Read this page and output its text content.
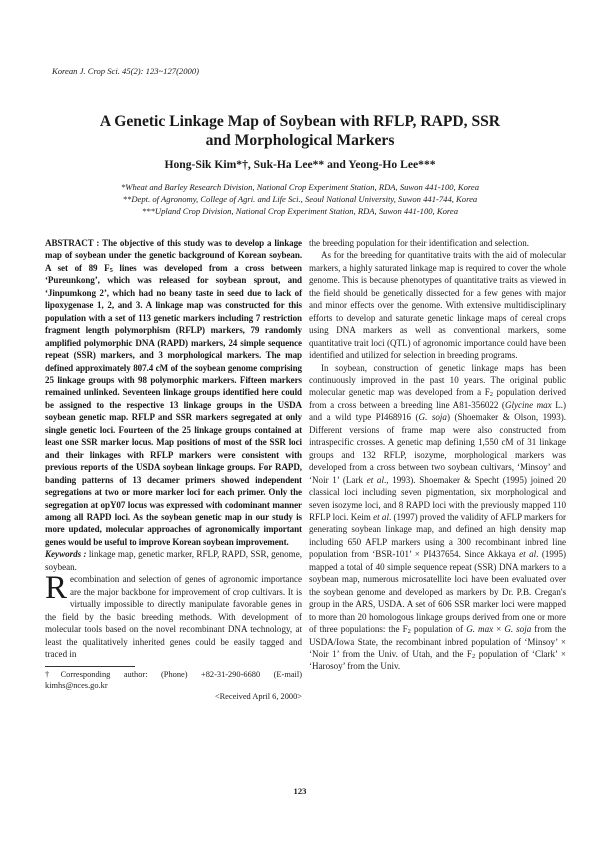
Korean J. Crop Sci. 45(2): 123~127(2000)
A Genetic Linkage Map of Soybean with RFLP, RAPD, SSR
and Morphological Markers
Hong-Sik Kim*†, Suk-Ha Lee** and Yeong-Ho Lee***
*Wheat and Barley Research Division, National Crop Experiment Station, RDA, Suwon 441-100, Korea
**Dept. of Agronomy, College of Agri. and Life Sci., Seoul National University, Suwon 441-744, Korea
***Upland Crop Division, National Crop Experiment Station, RDA, Suwon 441-100, Korea

ABSTRACT : The objective of this study was to develop a linkage map of soybean under the genetic background of Korean soybean. A set of 89 $F_5$ lines was developed from a cross between ‘Pureunkong’, which was released for soybean sprout, and ‘Jinpumkong 2’, which had no beany taste in seed due to lack of lipoxygenase 1, 2, and 3. A linkage map was constructed for this population with a set of 113 genetic markers including 7 restriction fragment length polymorphism (RFLP) markers, 79 randomly amplified polymorphic DNA (RAPD) markers, 24 simple sequence repeat (SSR) markers, and 3 morphological markers. The map defined approximately 807.4 cM of the soybean genome comprising 25 linkage groups with 98 polymorphic markers. Fifteen markers remained unlinked. Seventeen linkage groups identified here could be assigned to the respective 13 linkage groups in the USDA soybean genetic map. RFLP and SSR markers segregated at only single genetic loci. Fourteen of the 25 linkage groups contained at least one SSR marker locus. Map positions of most of the SSR loci and their linkages with RFLP markers were consistent with previous reports of the USDA soybean linkage groups. For RAPD, banding patterns of 13 decamer primers showed independent segregations at two or more marker loci for each primer. Only the segregation at opY07 locus was expressed with codominant manner among all RAPD loci. As the soybean genetic map in our study is more updated, molecular approaches of agronomically important genes would be useful to improve Korean soybean improvement.

Keywords : linkage map, genetic marker, RFLP, RAPD, SSR, genome, soybean.

Recombination and selection of genes of agronomic importance are the major backbone for improvement of crop cultivars. It is virtually impossible to directly manipulate favorable genes in the field by the basic breeding methods. With development of molecular tools based on the novel recombinant DNA technology, at least the qualitatively inherited genes could be easily tagged and traced in

†Corresponding author: (Phone) +82-31-290-6680 (E-mail) kimhs@nces.go.kr
<Received April 6, 2000>

the breeding population for their identification and selection.

As for the breeding for quantitative traits with the aid of molecular markers, a highly saturated linkage map is required to cover the whole genome. This is because phenotypes of quantitative traits as viewed in the field should be genetically dissected for a few genes with major and minor effects over the genome. With extensive multidisciplinary efforts to develop and saturate genetic linkage maps of cereal crops using DNA markers as well as conventional markers, some quantitative trait loci (QTL) of agronomic importance could have been identified and utilized for selection in breeding programs.

In soybean, construction of genetic linkage maps has been continuously improved in the past 10 years. The original public molecular genetic map was developed from a $F_2$ population derived from a cross between a breeding line A81-356022 (Glycine max L.) and a wild type PI468916 (G. soja) (Shoemaker & Olson, 1993). Different versions of frame map were also constructed from intraspecific crosses. A genetic map defining 1,550 cM of 31 linkage groups and 132 RFLP, isozyme, morphological markers was developed from a cross between two soybean cultivars, ‘Minsoy’ and ‘Noir 1’ (Lark et al., 1993). Shoemaker & Specht (1995) joined 20 classical loci including seven pigmentation, six morphological and seven isozyme loci, and 8 RAPD loci with the previously mapped 110 RFLP loci. Keim et al. (1997) proved the validity of AFLP markers for generating soybean linkage map, and defined an high density map including 650 AFLP markers using a 300 recombinant inbred line population from ‘BSR-101’ × PI437654. Since Akkaya et al. (1995) mapped a total of 40 simple sequence repeat (SSR) DNA markers to a soybean map, numerous microsatellite loci have been evaluated over the soybean genome and developed as markers by Dr. P.B. Cregan's group in the ARS, USDA. A set of 606 SSR marker loci were mapped to more than 20 homologous linkage groups derived from one or more of three populations: the $F_2$ population of G. max × G. soja from the USDA/Iowa State, the recombinant inbred population of ‘Minsoy’ × ‘Noir 1’ from the Univ. of Utah, and the $F_2$ population of ‘Clark’ × ‘Harosoy’ from the Univ.

123
